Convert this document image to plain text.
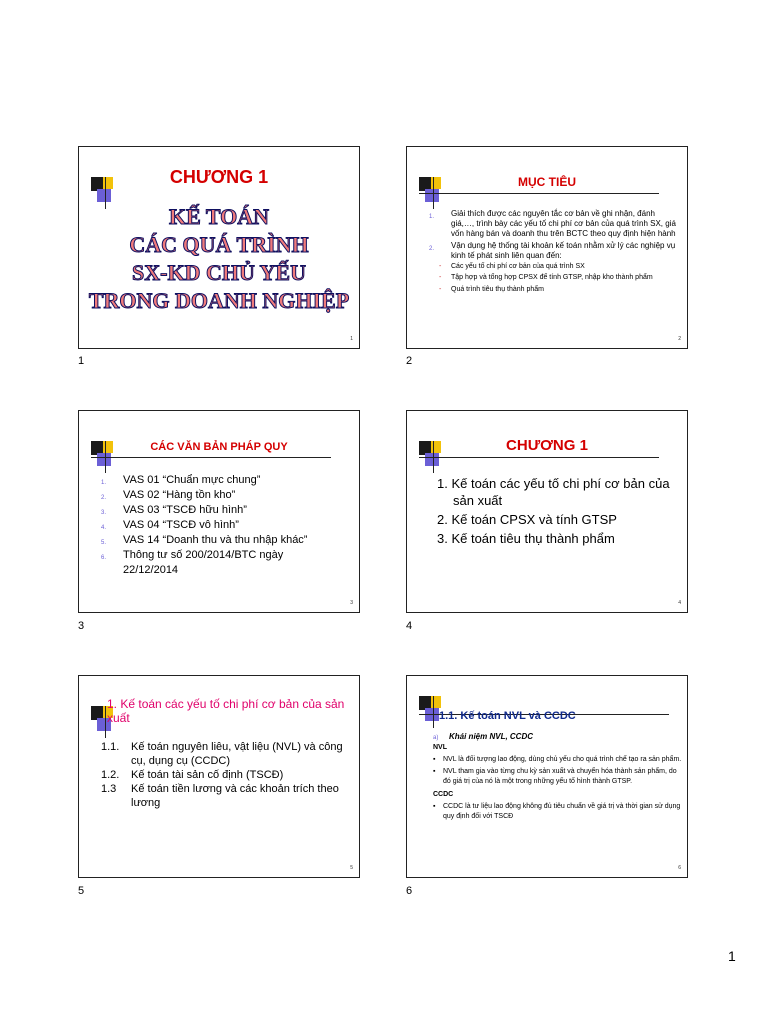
CHƯƠNG 1
KẾ TOÁN
CÁC QUÁ TRÌNH
SX-KD CHỦ YẾU
TRONG DOANH NGHIỆP
1
1
MỤC TIÊU
1. Giải thích được các nguyên tắc cơ bản về ghi nhận, đánh giá,…, trình bày các yếu tố chi phí cơ bản của quá trình SX, giá vốn hàng bán và doanh thu trên BCTC theo quy định hiện hành
2. Vận dụng hệ thống tài khoản kế toán nhằm xử lý các nghiệp vụ kinh tế phát sinh liên quan đến:
- Các yếu tố chi phí cơ bản của quá trình SX
- Tập hợp và tổng hợp CPSX để tính GTSP, nhập kho thành phẩm
- Quá trình tiêu thụ thành phẩm
2
2
CÁC VĂN BẢN PHÁP QUY
1. VAS 01 “Chuẩn mực chung”
2. VAS 02 “Hàng tồn kho”
3. VAS 03 “TSCĐ hữu hình”
4. VAS 04 “TSCĐ vô hình”
5. VAS 14 “Doanh thu và thu nhập khác”
6. Thông tư số 200/2014/BTC ngày 22/12/2014
3
3
CHƯƠNG 1
1. Kế toán các yếu tố chi phí cơ bản của sản xuất
2. Kế toán CPSX và tính GTSP
3. Kế toán tiêu thụ thành phẩm
4
4
1. Kế toán các yếu tố chi phí cơ bản của sản xuất
1.1. Kế toán nguyên liêu, vật liệu (NVL) và công cụ, dụng cụ (CCDC)
1.2. Kế toán tài sản cố định (TSCĐ)
1.3 Kế toán tiền lương và các khoản trích theo lương
5
5
1.1. Kế toán NVL và CCDC
a) Khái niệm NVL, CCDC
NVL
▪ NVL là đối tượng lao động, dùng chủ yếu cho quá trình chế tạo ra sản phẩm.
▪ NVL tham gia vào từng chu kỳ sản xuất và chuyển hóa thành sản phẩm, do đó giá trị của nó là một trong những yếu tố hình thành GTSP.
CCDC
▪ CCDC là tư liệu lao động không đủ tiêu chuẩn về giá trị và thời gian sử dụng quy định đối với TSCĐ
6
6
1
